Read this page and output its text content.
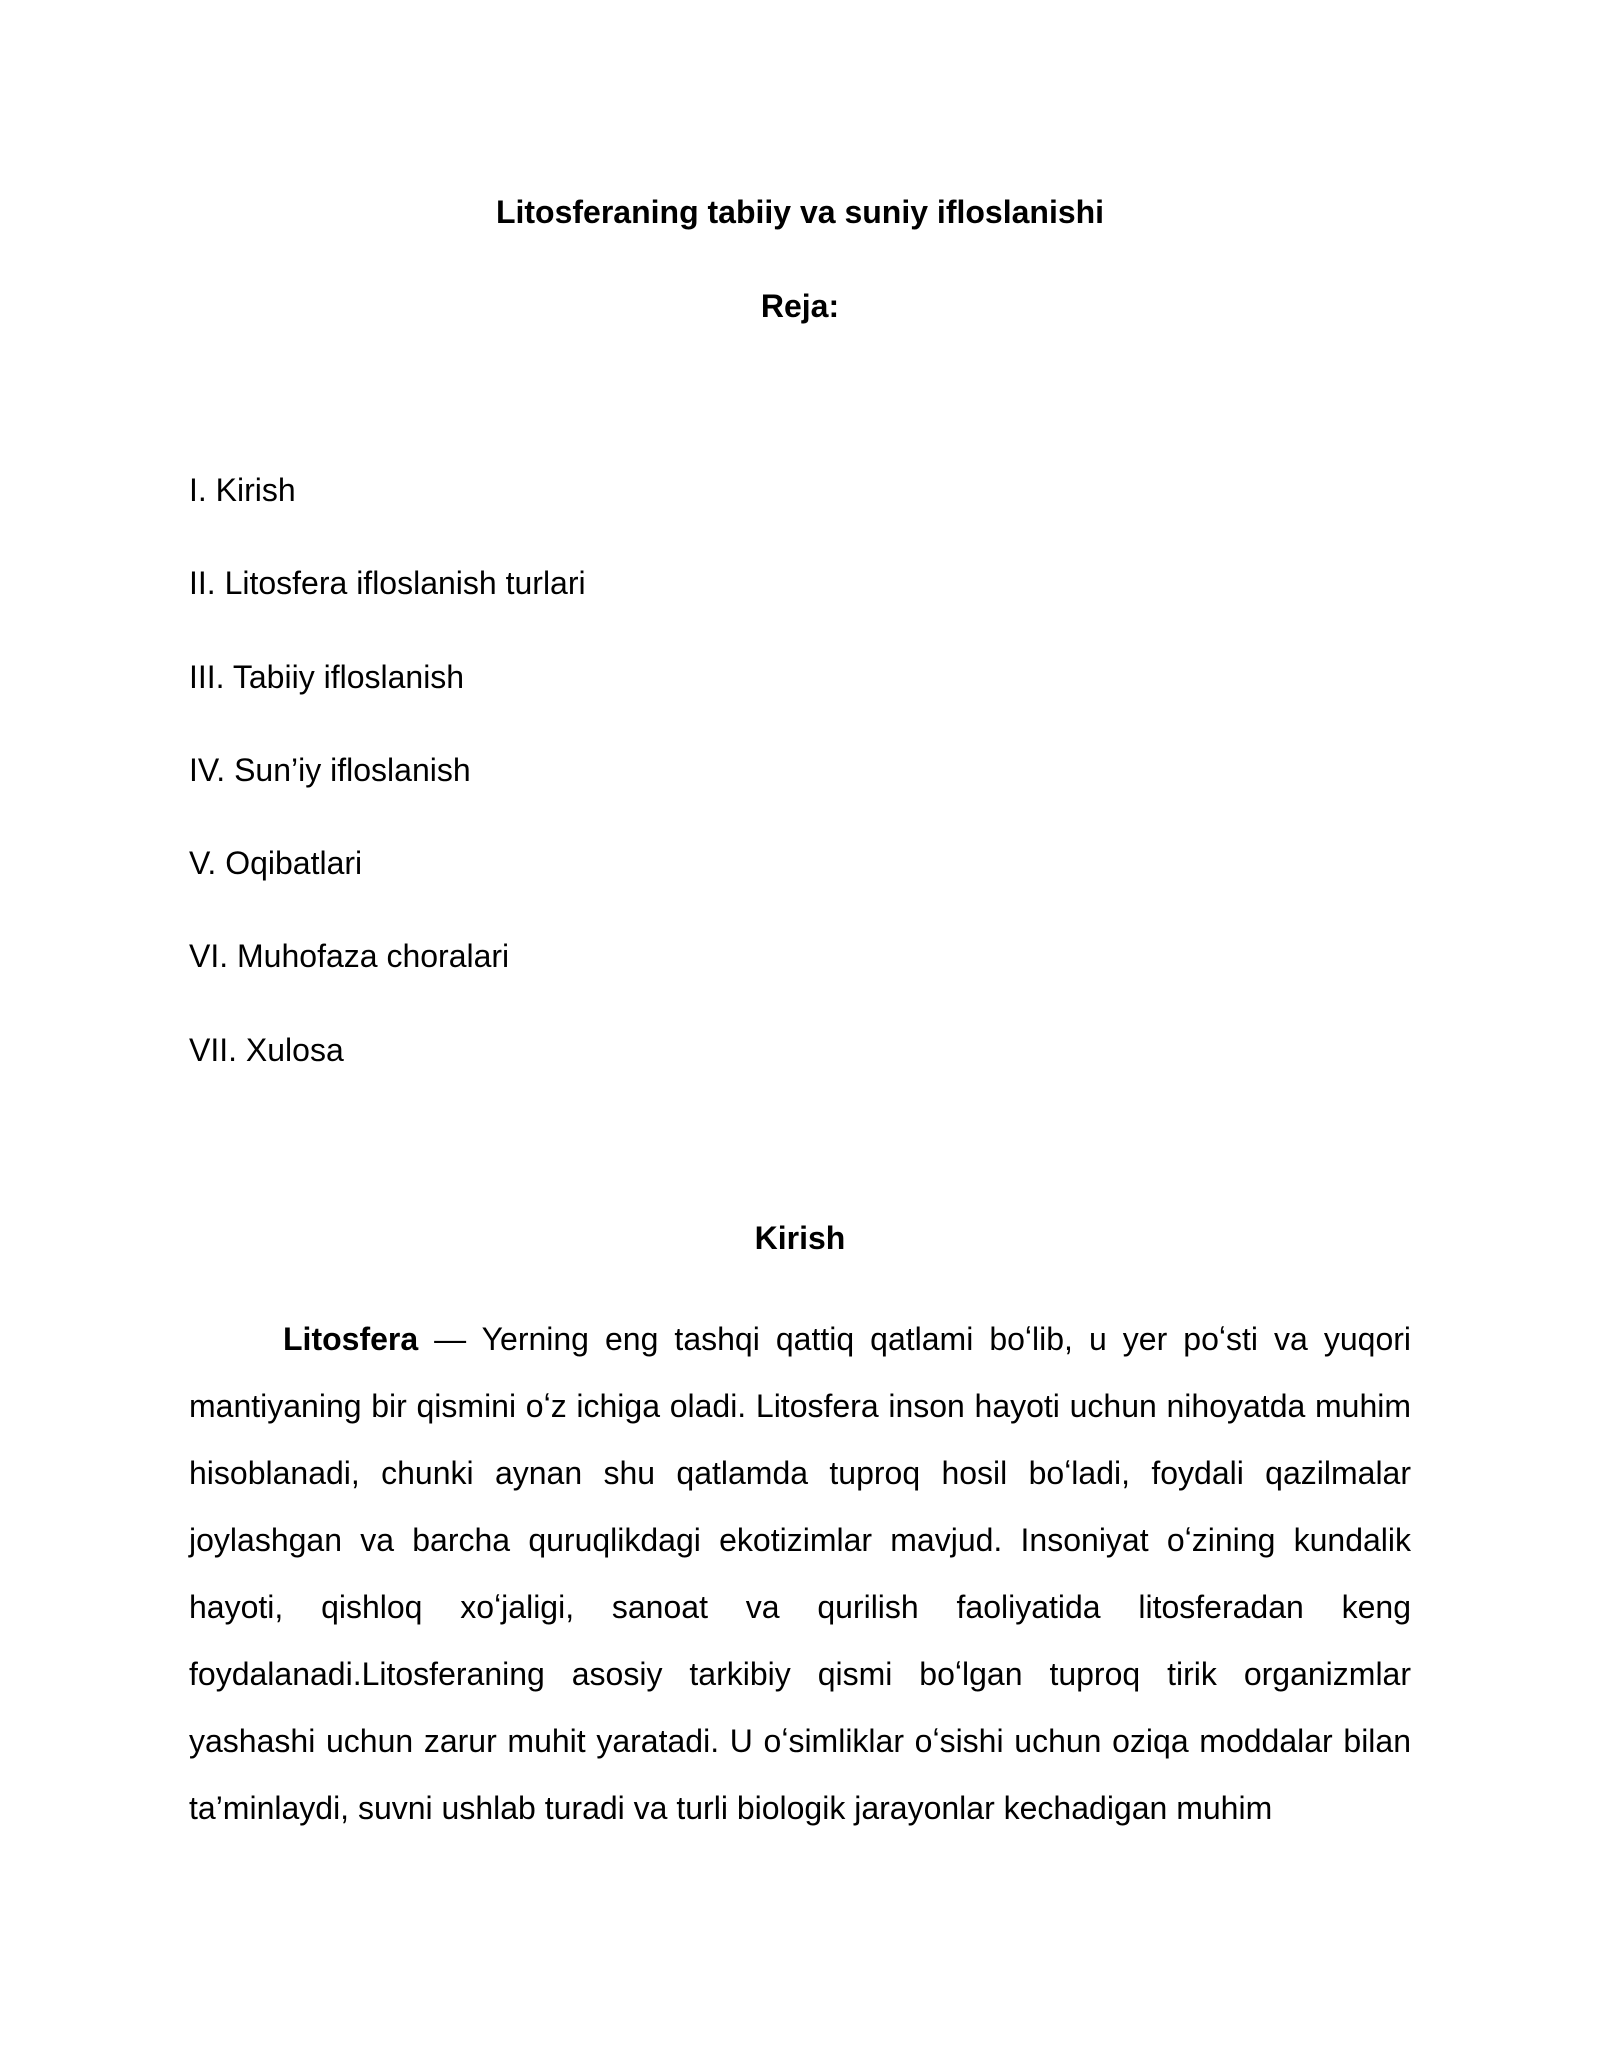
Litosferaning tabiiy va suniy ifloslanishi
Reja:
I. Kirish
II. Litosfera ifloslanish turlari
III. Tabiiy ifloslanish
IV. Sun’iy ifloslanish
V. Oqibatlari
VI. Muhofaza choralari
VII. Xulosa
Kirish

Litosfera — Yerning eng tashqi qattiq qatlami boʻlib, u yer poʻsti va yuqori mantiyaning bir qismini oʻz ichiga oladi. Litosfera inson hayoti uchun nihoyatda muhim hisoblanadi, chunki aynan shu qatlamda tuproq hosil boʻladi, foydali qazilmalar joylashgan va barcha quruqlikdagi ekotizimlar mavjud. Insoniyat oʻzining kundalik hayoti, qishloq xoʻjaligi, sanoat va qurilish faoliyatida litosferadan keng foydalanadi.Litosferaning asosiy tarkibiy qismi boʻlgan tuproq tirik organizmlar yashashi uchun zarur muhit yaratadi. U oʻsimliklar oʻsishi uchun oziqa moddalar bilan ta’minlaydi, suvni ushlab turadi va turli biologik jarayonlar kechadigan muhim
